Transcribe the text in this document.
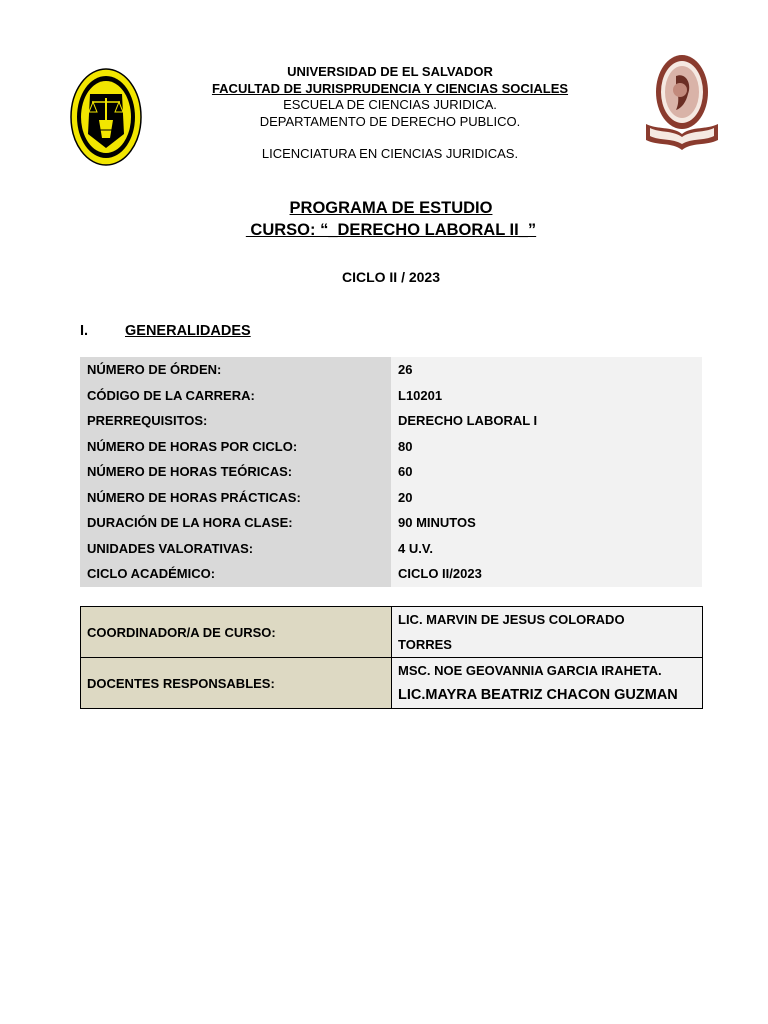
UNIVERSIDAD DE EL SALVADOR
FACULTAD DE JURISPRUDENCIA Y CIENCIAS SOCIALES
ESCUELA DE CIENCIAS JURIDICA.
DEPARTAMENTO DE DERECHO PUBLICO.
LICENCIATURA EN CIENCIAS JURIDICAS.
PROGRAMA DE ESTUDIO
CURSO: “_DERECHO LABORAL II_”
CICLO II / 2023
I.	GENERALIDADES
NÚMERO DE ÓRDEN:	26
CÓDIGO DE LA CARRERA:	L10201
PRERREQUISITOS:	DERECHO LABORAL I
NÚMERO DE HORAS POR CICLO:	80
NÚMERO DE HORAS TEÓRICAS:	60
NÚMERO DE HORAS PRÁCTICAS:	20
DURACIÓN DE LA HORA CLASE:	90 MINUTOS
UNIDADES VALORATIVAS:	4 U.V.
CICLO ACADÉMICO:	CICLO II/2023
COORDINADOR/A DE CURSO:	LIC. MARVIN DE JESUS COLORADO
TORRES

DOCENTES RESPONSABLES:	MSC. NOE GEOVANNIA GARCIA IRAHETA.
LIC.MAYRA BEATRIZ CHACON GUZMAN
